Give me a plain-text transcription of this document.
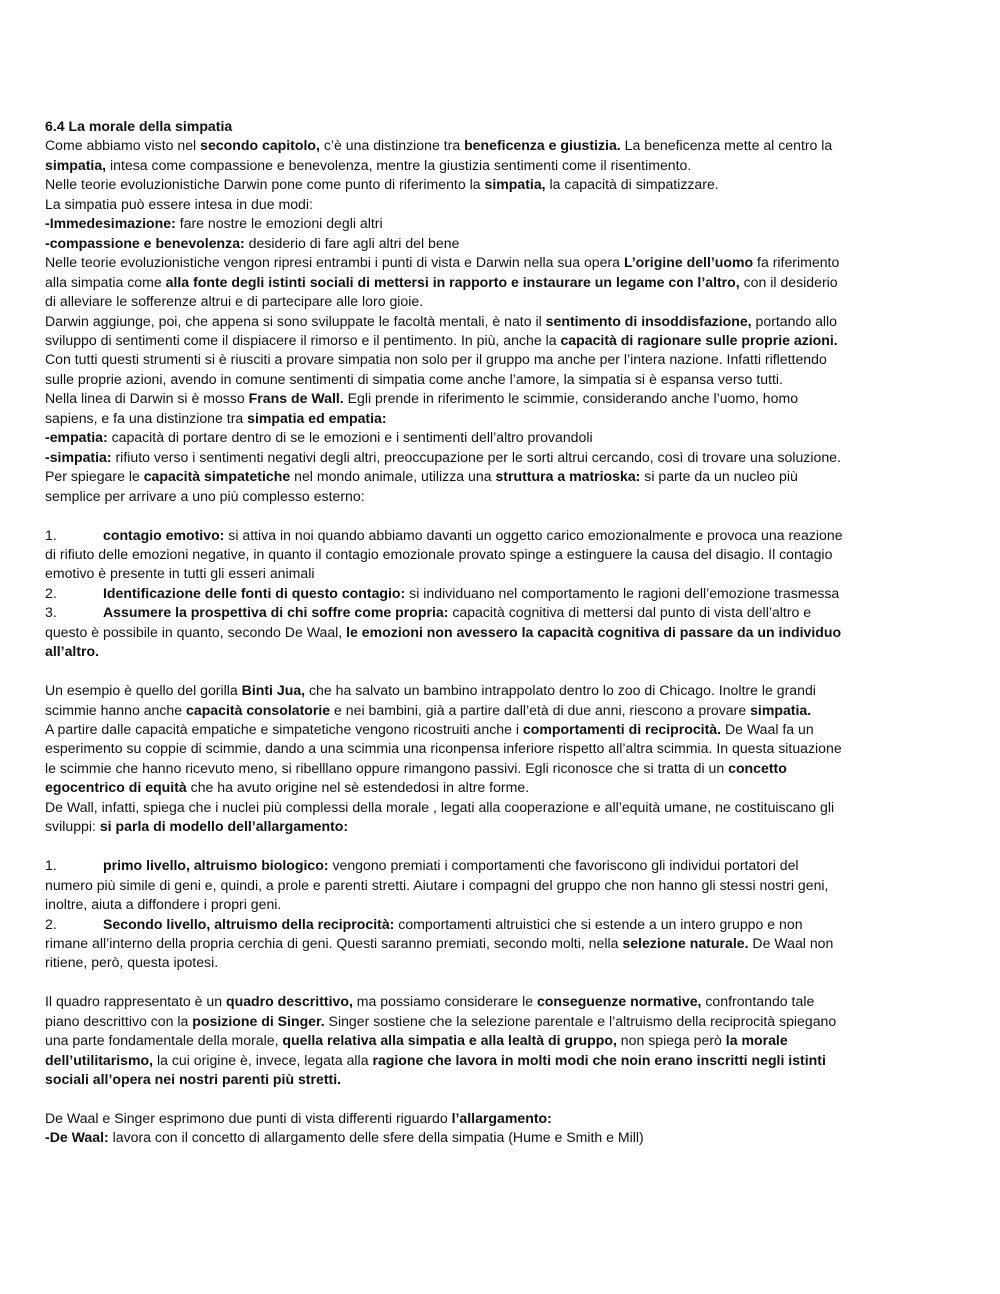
6.4 La morale della simpatia
Come abbiamo visto nel secondo capitolo, c’è una distinzione tra beneficenza e giustizia. La beneficenza mette al centro la
simpatia, intesa come compassione e benevolenza, mentre la giustizia sentimenti come il risentimento.
Nelle teorie evoluzionistiche Darwin pone come punto di riferimento la simpatia, la capacità di simpatizzare.
La simpatia può essere intesa in due modi:
-Immedesimazione: fare nostre le emozioni degli altri
-compassione e benevolenza: desiderio di fare agli altri del bene
Nelle teorie evoluzionistiche vengon ripresi entrambi i punti di vista e Darwin nella sua opera L’origine dell’uomo fa riferimento
alla simpatia come alla fonte degli istinti sociali di mettersi in rapporto e instaurare un legame con l’altro, con il desiderio
di alleviare le sofferenze altrui e di partecipare alle loro gioie.
Darwin aggiunge, poi, che appena si sono sviluppate le facoltà mentali, è nato il sentimento di insoddisfazione, portando allo
sviluppo di sentimenti come il dispiacere il rimorso e il pentimento. In più, anche la capacità di ragionare sulle proprie azioni.
Con tutti questi strumenti si è riusciti a provare simpatia non solo per il gruppo ma anche per l’intera nazione. Infatti riflettendo
sulle proprie azioni, avendo in comune sentimenti di simpatia come anche l’amore, la simpatia si è espansa verso tutti.
Nella linea di Darwin si è mosso Frans de Wall. Egli prende in riferimento le scimmie, considerando anche l’uomo, homo
sapiens, e fa una distinzione tra simpatia ed empatia:
-empatia: capacità di portare dentro di se le emozioni e i sentimenti dell’altro provandoli
-simpatia: rifiuto verso i sentimenti negativi degli altri, preoccupazione per le sorti altrui cercando, così di trovare una soluzione.
Per spiegare le capacità simpatetiche nel mondo animale, utilizza una struttura a matrioska: si parte da un nucleo più
semplice per arrivare a uno più complesso esterno:
1.	contagio emotivo: si attiva in noi quando abbiamo davanti un oggetto carico emozionalmente e provoca una reazione
di rifiuto delle emozioni negative, in quanto il contagio emozionale provato spinge a estinguere la causa del disagio. Il contagio
emotivo è presente in tutti gli esseri animali
2.	Identificazione delle fonti di questo contagio: si individuano nel comportamento le ragioni dell’emozione trasmessa
3.	Assumere la prospettiva di chi soffre come propria: capacità cognitiva di mettersi dal punto di vista dell’altro e
questo è possibile in quanto, secondo De Waal, le emozioni non avessero la capacità cognitiva di passare da un individuo
all’altro.
Un esempio è quello del gorilla Binti Jua, che ha salvato un bambino intrappolato dentro lo zoo di Chicago. Inoltre le grandi
scimmie hanno anche capacità consolatorie e nei bambini, già a partire dall’età di due anni, riescono a provare simpatia.
A partire dalle capacità empatiche e simpatetiche vengono ricostruiti anche i comportamenti di reciprocità. De Waal fa un
esperimento su coppie di scimmie, dando a una scimmia una riconpensa inferiore rispetto all’altra scimmia. In questa situazione
le scimmie che hanno ricevuto meno, si ribelllano oppure rimangono passivi. Egli riconosce che si tratta di un concetto
egocentrico di equità che ha avuto origine nel sè estendedosi in altre forme.
De Wall, infatti, spiega che i nuclei più complessi della morale , legati alla cooperazione e all’equità umane, ne costituiscano gli
sviluppi: si parla di modello dell’allargamento:
1.	primo livello, altruismo biologico: vengono premiati i comportamenti che favoriscono gli individui portatori del
numero più simile di geni e, quindi, a prole e parenti stretti. Aiutare i compagni del gruppo che non hanno gli stessi nostri geni,
inoltre, aiuta a diffondere i propri geni.
2.	Secondo livello, altruismo della reciprocità: comportamenti altruistici che si estende a un intero gruppo e non
rimane all’interno della propria cerchia di geni. Questi saranno premiati, secondo molti, nella selezione naturale. De Waal non
ritiene, però, questa ipotesi.
Il quadro rappresentato è un quadro descrittivo, ma possiamo considerare le conseguenze normative, confrontando tale
piano descrittivo con la posizione di Singer. Singer sostiene che la selezione parentale e l’altruismo della reciprocità spiegano
una parte fondamentale della morale, quella relativa alla simpatia e alla lealtà di gruppo, non spiega però la morale
dell’utilitarismo, la cui origine è, invece, legata alla ragione che lavora in molti modi che noin erano inscritti negli istinti
sociali all’opera nei nostri parenti più stretti.
De Waal e Singer esprimono due punti di vista differenti riguardo l’allargamento:
-De Waal: lavora con il concetto di allargamento delle sfere della simpatia (Hume e Smith e Mill)
